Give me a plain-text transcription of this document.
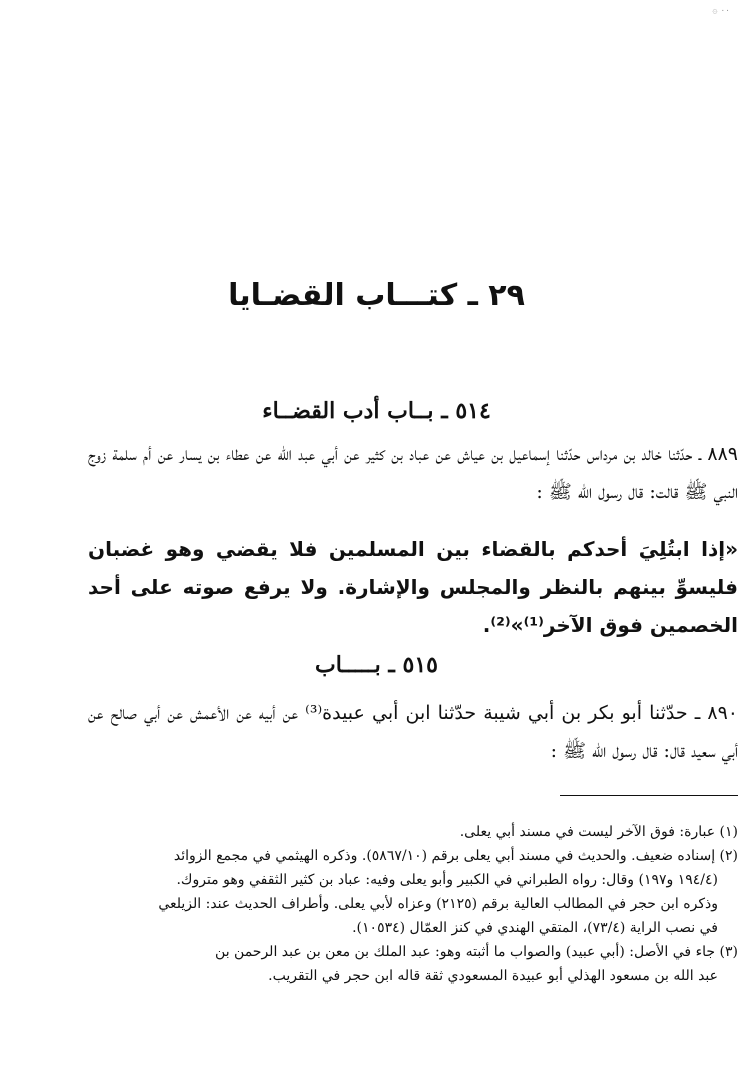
۰۰ ۞
٢٩ ـ كتـــاب القضـايا
٥١٤ ـ بــاب أدب القضــاء
٨٨٩ ـ حدّثنا خالد بن مرداس حدّثنا إسماعيل بن عياش عن عباد بن كثير عن أبي عبد الله عن عطاء بن يسار عن أم سلمة زوج النبي ﷺ قالت: قال رسول الله ﷺ :
«إذا ابتُلِيَ أحدكم بالقضاء بين المسلمين فلا يقضي وهو غضبان فليسوِّ بينهم بالنظر والمجلس والإشارة. ولا يرفع صوته على أحد الخصمين فوق الآخر⁽¹⁾»⁽²⁾.
٥١٥ ـ بـــــاب
٨٩٠ ـ حدّثنا أبو بكر بن أبي شيبة حدّثنا ابن أبي عبيدة⁽³⁾ عن أبيه عن الأعمش عن أبي صالح عن أبي سعيد قال: قال رسول الله ﷺ :

(١) عبارة: فوق الآخر ليست في مسند أبي يعلى.

(٢) إسناده ضعيف. والحديث في مسند أبي يعلى برقم (٥٨٦٧/١٠). وذكره الهيثمي في مجمع الزوائد

(١٩٤/٤ و١٩٧) وقال: رواه الطبراني في الكبير وأبو يعلى وفيه: عباد بن كثير الثقفي وهو متروك.

وذكره ابن حجر في المطالب العالية برقم (٢١٢٥) وعزاه لأبي يعلى. وأطراف الحديث عند: الزيلعي

في نصب الراية (٧٣/٤)، المتقي الهندي في كنز العمّال (١٠٥٣٤).

(٣) جاء في الأصل: (أبي عبيد) والصواب ما أثبته وهو: عبد الملك بن معن بن عبد الرحمن بن

عبد الله بن مسعود الهذلي أبو عبيدة المسعودي ثقة قاله ابن حجر في التقريب.
